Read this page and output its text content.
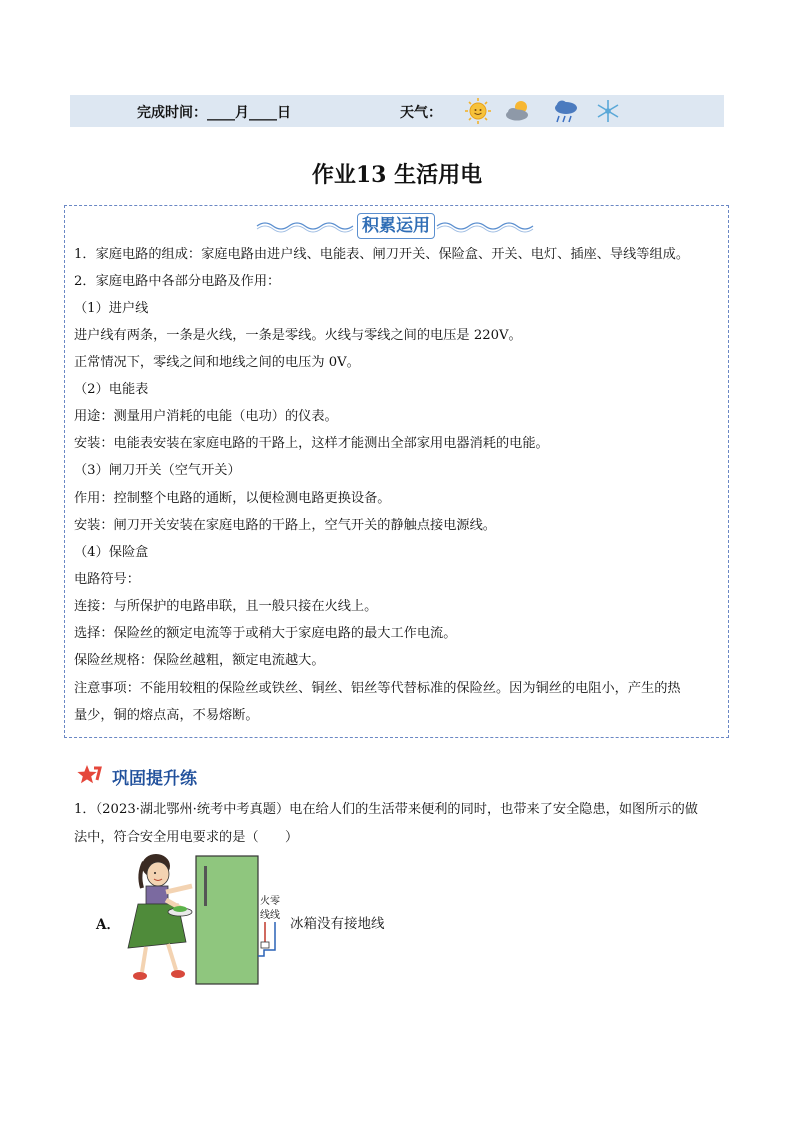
完成时间：____月____日	天气：
作业13 生活用电
积累运用
1．家庭电路的组成：家庭电路由进户线、电能表、闸刀开关、保险盒、开关、电灯、插座、导线等组成。
2．家庭电路中各部分电路及作用：
（1）进户线
进户线有两条，一条是火线，一条是零线。火线与零线之间的电压是 220V。
正常情况下，零线之间和地线之间的电压为 0V。
（2）电能表
用途：测量用户消耗的电能（电功）的仪表。
安装：电能表安装在家庭电路的干路上，这样才能测出全部家用电器消耗的电能。
（3）闸刀开关（空气开关）
作用：控制整个电路的通断，以便检测电路更换设备。
安装：闸刀开关安装在家庭电路的干路上，空气开关的静触点接电源线。
（4）保险盒
电路符号：
连接：与所保护的电路串联，且一般只接在火线上。
选择：保险丝的额定电流等于或稍大于家庭电路的最大工作电流。
保险丝规格：保险丝越粗，额定电流越大。
注意事项：不能用较粗的保险丝或铁丝、铜丝、铝丝等代替标准的保险丝。因为铜丝的电阻小，产生的热
量少，铜的熔点高，不易熔断。
巩固提升练
1．（2023·湖北鄂州·统考中考真题）电在给人们的生活带来便利的同时，也带来了安全隐患，如图所示的做
法中，符合安全用电要求的是（　　）
A．
火零
线线
冰箱没有接地线
